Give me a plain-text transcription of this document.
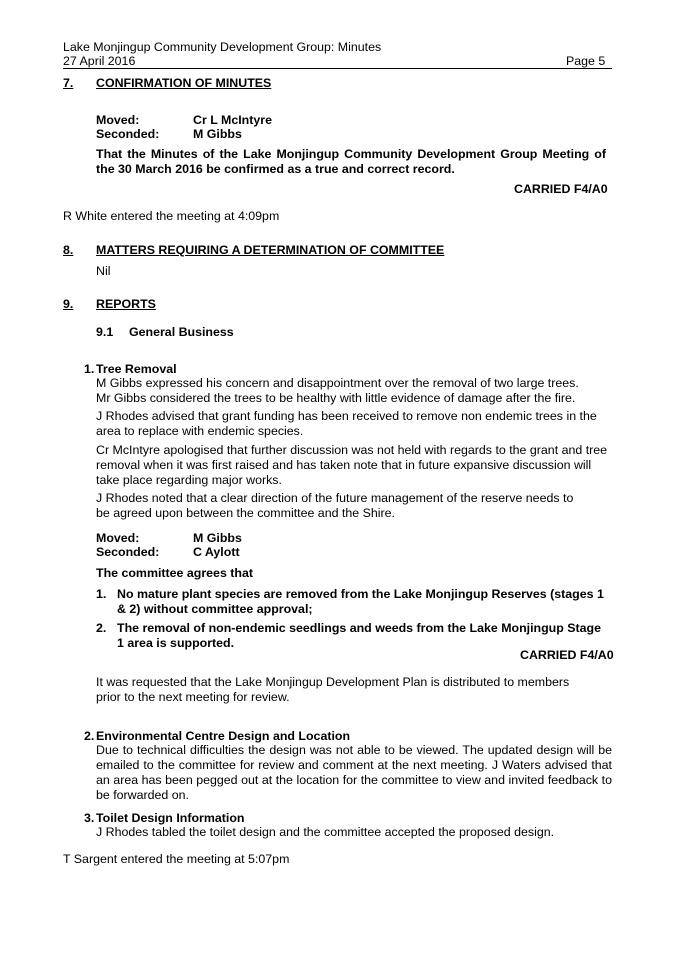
Lake Monjingup Community Development Group: Minutes
27 April 2016	Page 5
7. CONFIRMATION OF MINUTES
Moved:	Cr L McIntyre
Seconded:	M Gibbs
That the Minutes of the Lake Monjingup Community Development Group Meeting of the 30 March 2016 be confirmed as a true and correct record.
CARRIED F4/A0
R White entered the meeting at 4:09pm
8. MATTERS REQUIRING A DETERMINATION OF COMMITTEE
Nil
9. REPORTS
9.1 General Business
1. Tree Removal
M Gibbs expressed his concern and disappointment over the removal of two large trees. Mr Gibbs considered the trees to be healthy with little evidence of damage after the fire.
J Rhodes advised that grant funding has been received to remove non endemic trees in the area to replace with endemic species.
Cr McIntyre apologised that further discussion was not held with regards to the grant and tree removal when it was first raised and has taken note that in future expansive discussion will take place regarding major works.
J Rhodes noted that a clear direction of the future management of the reserve needs to be agreed upon between the committee and the Shire.
Moved:	M Gibbs
Seconded:	C Aylott
The committee agrees that
1. No mature plant species are removed from the Lake Monjingup Reserves (stages 1 & 2) without committee approval;
2. The removal of non-endemic seedlings and weeds from the Lake Monjingup Stage 1 area is supported.
CARRIED F4/A0
It was requested that the Lake Monjingup Development Plan is distributed to members prior to the next meeting for review.
2. Environmental Centre Design and Location
Due to technical difficulties the design was not able to be viewed. The updated design will be emailed to the committee for review and comment at the next meeting. J Waters advised that an area has been pegged out at the location for the committee to view and invited feedback to be forwarded on.
3. Toilet Design Information
J Rhodes tabled the toilet design and the committee accepted the proposed design.
T Sargent entered the meeting at 5:07pm
